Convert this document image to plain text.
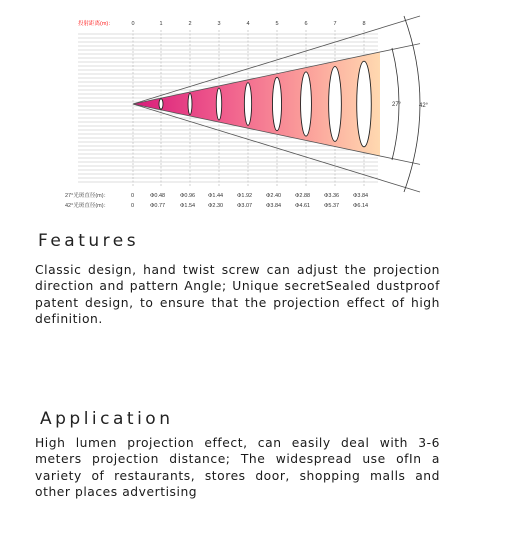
投射距离(m)：	0	1	2	3	4	5	6	7	8
27°	42°
27°光斑直径(m)：	0	Φ0.48	Φ0.96 Φ1.44	Φ1.92	Φ2.40	Φ2.88	Φ3.36	Φ3.84
42°光斑直径(m)：	0	Φ0.77	Φ1.54 Φ2.30	Φ3.07	Φ3.84	Φ4.61	Φ5.37	Φ6.14
Features

Classic design, hand twist screw can adjust the projection direction and pattern Angle; Unique secretSealed dustproof patent design, to ensure that the projection effect of high definition.

Application

High lumen projection effect, can easily deal with 3-6 meters projection distance; The widespread use ofIn a variety of restaurants, stores door, shopping malls and other places advertising
